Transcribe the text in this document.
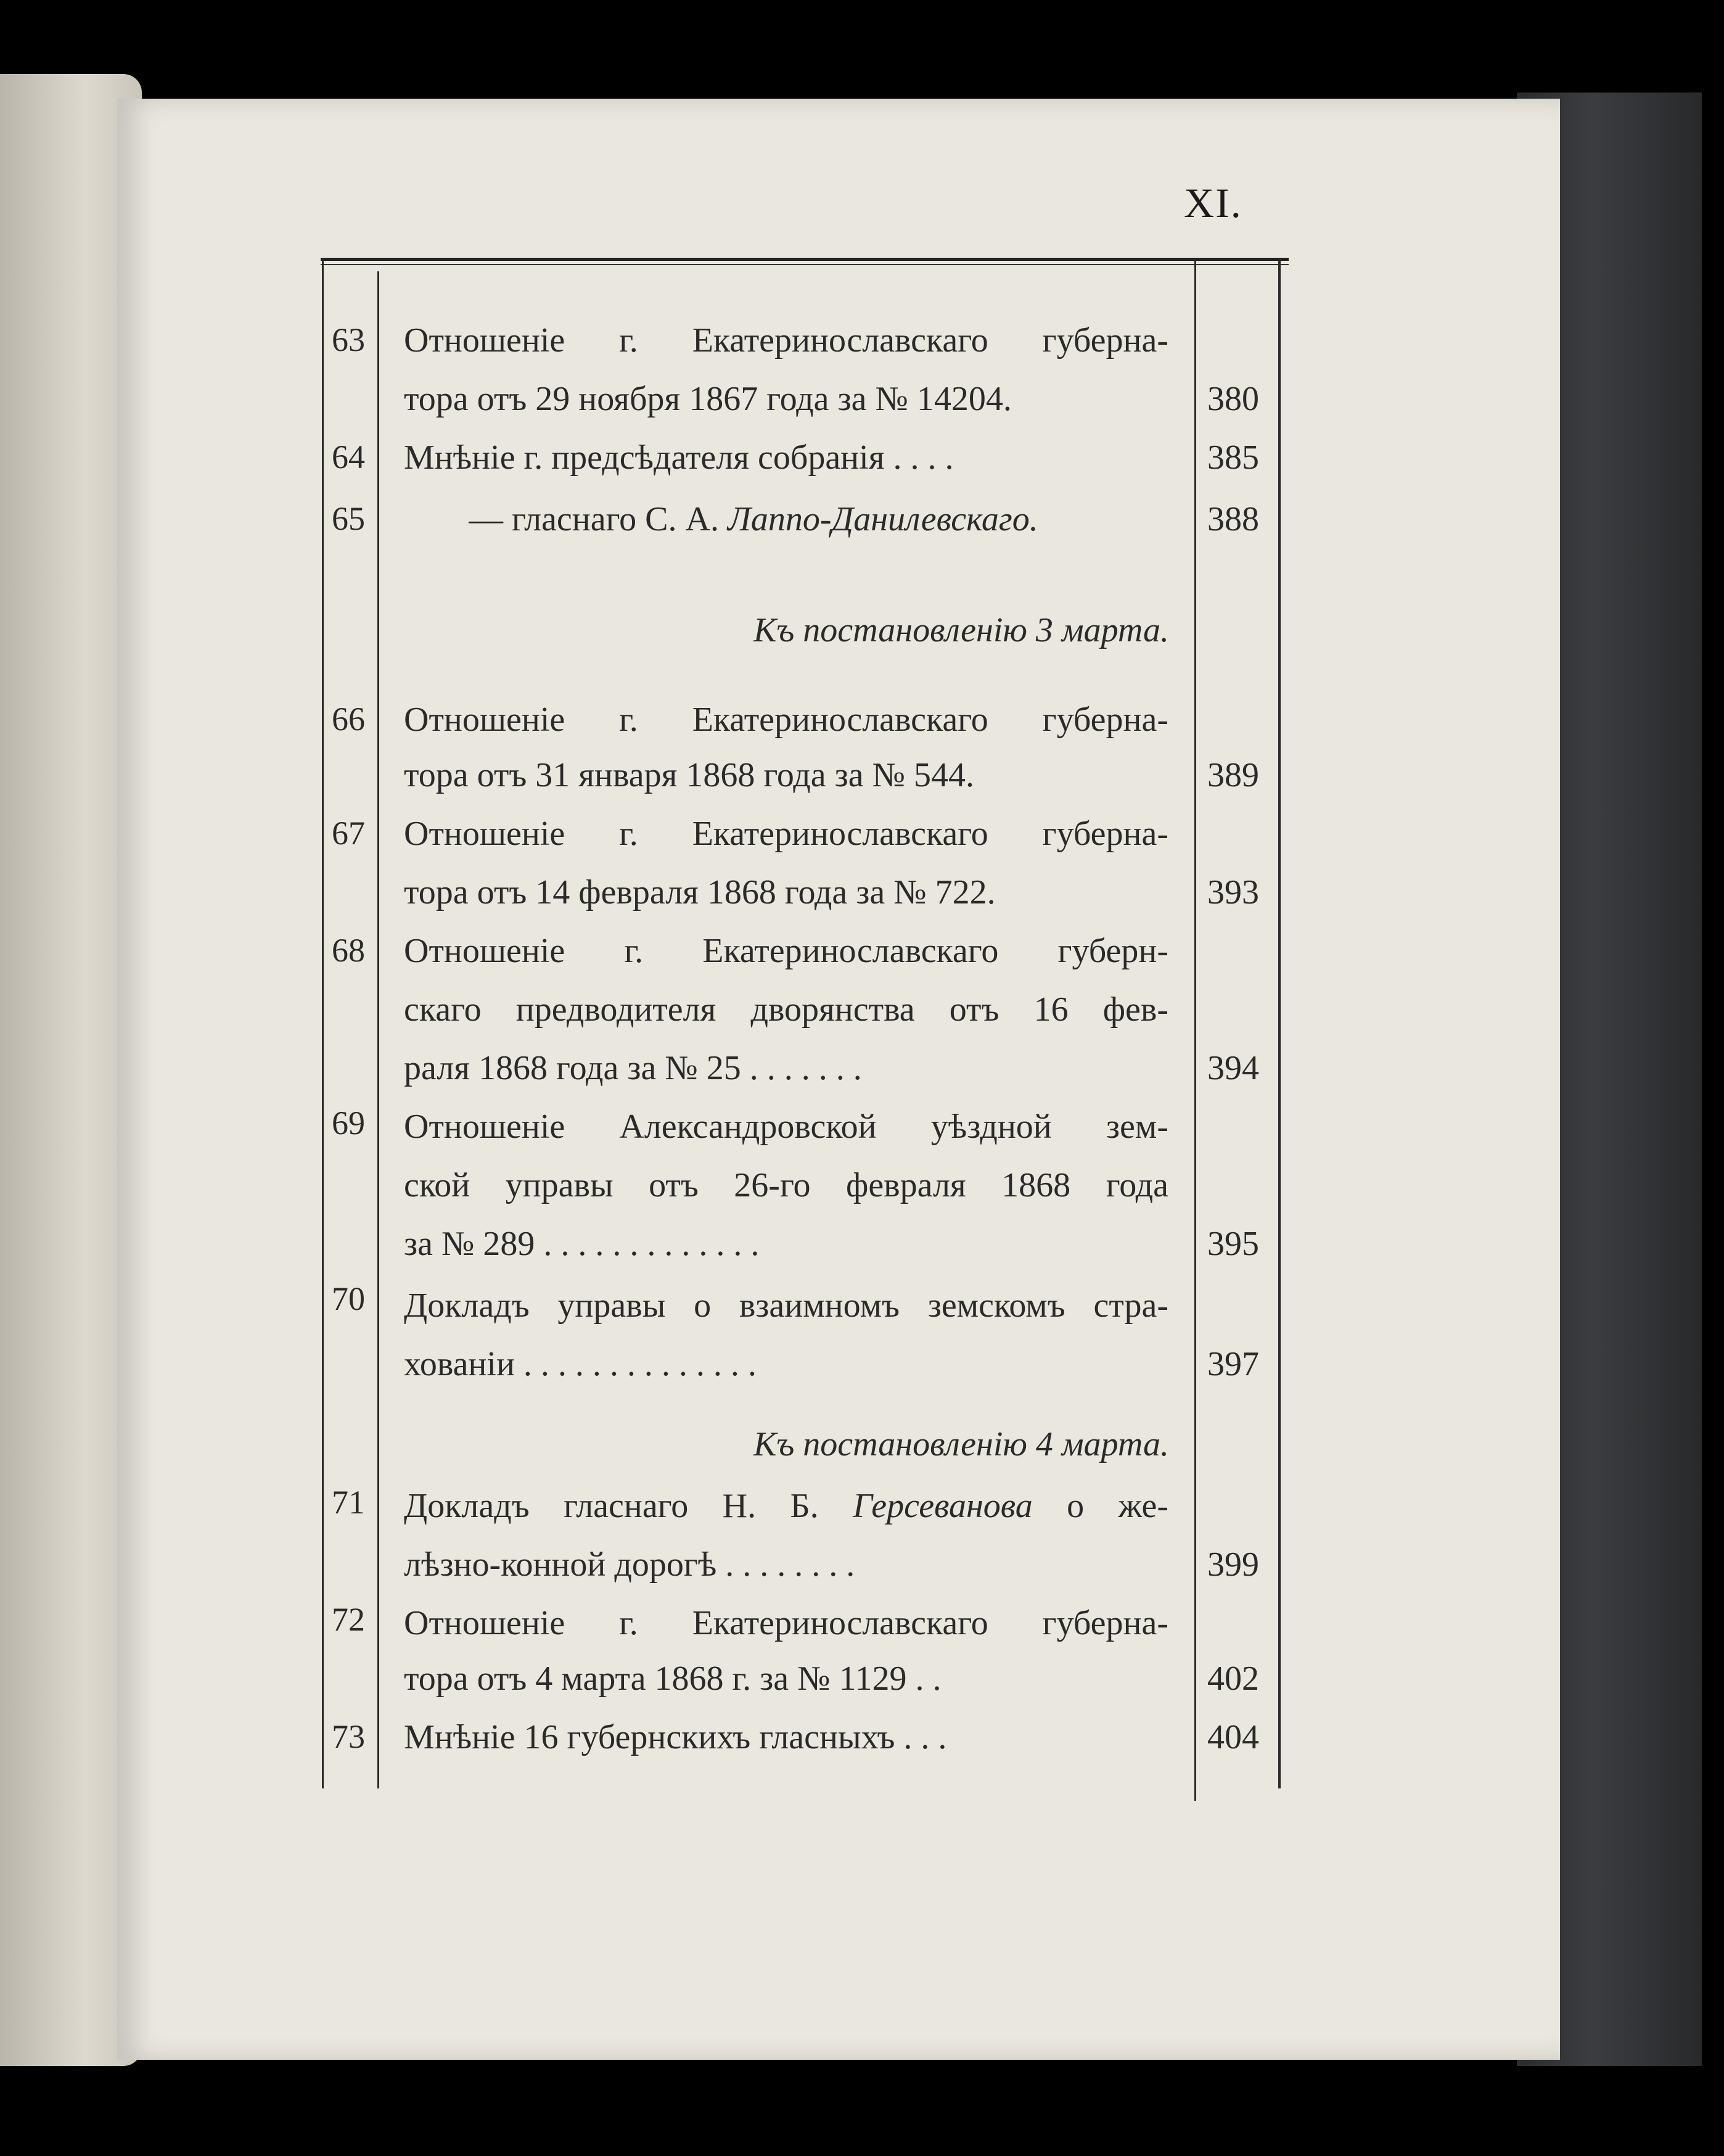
XI.
63 Отношеніе г. Екатеринославскаго губерна-
тора отъ 29 ноября 1867 года за № 14204.	380
64 Мнѣніе г. предсѣдателя собранія . . . .	385
65	— гласнаго С. А. Лаппо-Данилевскаго.	388
Къ постановленію 3 марта.
66 Отношеніе г. Екатеринославскаго губерна-
тора отъ 31 января 1868 года за № 544.	389
67 Отношеніе г. Екатеринославскаго губерна-
тора отъ 14 февраля 1868 года за № 722.	393
68 Отношеніе г. Екатеринославскаго губерн-
скаго предводителя дворянства отъ 16 фев-
раля 1868 года за № 25 . . . . . . .	394
69 Отношеніе Александровской уѣздной зем-
ской управы отъ 26-го февраля 1868 года
за № 289 . . . . . . . . . . . . .	395
70 Докладъ управы о взаимномъ земскомъ стра-
хованіи . . . . . . . . . . . . . .	397
Къ постановленію 4 марта.
71 Докладъ гласнаго Н. Б. Герсеванова о же-
лѣзно-конной дорогѣ . . . . . . . .	399
72 Отношеніе г. Екатеринославскаго губерна-
тора отъ 4 марта 1868 г. за № 1129 . .	402
73 Мнѣніе 16 губернскихъ гласныхъ . . .	404
